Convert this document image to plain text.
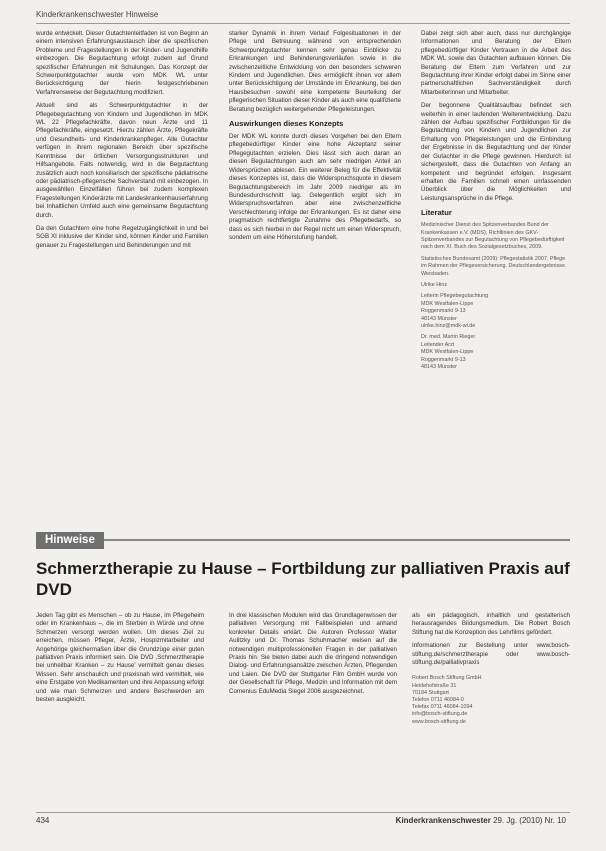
Kinderkrankenschwester Hinweise

wurde entwickelt. Dieser Gutachtenleitfaden ist von Beginn an einem intensiven Erfahrungsaustausch über die spezifischen Probleme und Fragestellungen in der Kinder- und Jugendhilfe einbezogen. Die Begutachtung erfolgt zudem auf Grund spezifischer Erfahrungen mit Schulungen. Das Konzept der Schwerpunktgutachter wurde vom MDK WL unter Berücksichtigung der hierin festgeschriebenen Verfahrensweise der Begutachtung modifiziert.

Aktuell sind als Schwerpunktgutachter in der Pflegebegutachtung von Kindern und Jugendlichen im MDK WL 22 Pflegefachkräfte, davon neun Ärzte und 11 Pflegefachkräfte, eingesetzt. Hierzu zählen Ärzte, Pflegekräfte und Gesundheits- und Kinderkrankenpfleger. Alle Gutachter verfügen in ihrem regionalen Bereich über spezifische Kenntnisse der örtlichen Versorgungsstrukturen und Hilfsangebote. Falls notwendig, wird in die Begutachtung zusätzlich auch noch konsiliarisch der spezifische pädiatrische oder pädiatrisch-pflegerische Sachverstand mit einbezogen. In ausgewählten Einzelfällen führen bei zudem komplexen Fragestellungen Kinderärzte mit Landeskrankenhauserfahrung bei Inhaltlichen Umfeld auch eine gemeinsame Begutachtung durch.

Da den Gutachtern eine hohe Regelzugänglichkeit in und bei SGB XI inklusive der Kinder sind, können Kinder und Familien genauer zu Fragestellungen und Behinderungen und mit

starker Dynamik in ihrem Verlauf Folgesituationen in der Pflege und Betreuung während von entsprechenden Schwerpunktgutachter kennen sehr genau Einblicke zu Erkrankungen und Behinderungsverläufen sowie in die zwischenzeitliche Entwicklung von den besonders schweren Kindern und Jugendlichen. Dies ermöglicht ihnen vor allem unter Berücksichtigung der Umstände im Erkrankung, bei den Hausbesuchen sowohl eine kompetente Beurteilung der pflegerischen Situation dieser Kinder als auch eine qualifizierte Beratung bezüglich weitergehender Pflegeleistungen.

Auswirkungen dieses Konzepts

Der MDK WL konnte durch dieses Vorgehen bei den Eltern pflegebedürftiger Kinder eine hohe Akzeptanz seiner Pflegegutachten erzielen. Dies lässt sich auch daran an diesen Begutachtungen auch am sehr niedrigen Anteil an Widersprüchen ablesen. Ein weiterer Beleg für die Effektivität dieses Konzeptes ist, dass die Widerspruchsquote in diesem Begutachtungsbereich im Jahr 2009 niedriger als im Bundesdurchschnitt lag. Gelegentlich ergibt sich im Widerspruchsverfahren aber eine zwischenzeitliche Verschlechterung infolge der Erkrankungen. Es ist daher eine pragmatisch rechtfertigte Zunahme des Pflegebedarfs, so dass es sich hierbei in der Regel nicht um einen Widerspruch, sondern um eine Höherstufung handelt.

Dabei zeigt sich aber auch, dass nur durchgängige Informationen und Beratung der Eltern pflegebedürftiger Kinder Vertrauen in die Arbeit des MDK WL sowie das Gutachten aufbauen können. Die Beratung der Eltern zum Verfahren und zur Begutachtung ihrer Kinder erfolgt dabei im Sinne einer partnerschaftlichen Sachverständigkeit durch Mitarbeiterinnen und Mitarbeiter.

Der begonnene Qualitätsaufbau befindet sich weiterhin in einer laufenden Weiterentwicklung. Dazu zählen der Aufbau spezifischer Fortbildungen für die Begutachtung von Kindern und Jugendlichen zur Erhaltung von Pflegeleistungen und die Einbindung der Ergebnisse in die Begutachtung und der Kinder der Gutachter in die Pflege gewinnen. Hierdurch ist sichergestellt, dass die Gutachten von Anfang an kompetent und begründet erfolgen. Insgesamt erhalten die Familien schnell einen umfassenden Überblick über die Möglichkeiten und Leistungsansprüche in die Pflege.

Literatur

Medizinischer Dienst des Spitzenverbandes Bund der Krankenkassen e.V. (MDS), Richtlinien des GKV-Spitzenverbandes zur Begutachtung von Pflegebedürftigkeit nach dem XI. Buch des Sozialgesetzbuches, 2009.

Statistisches Bundesamt (2009): Pflegestatistik 2007. Pflege im Rahmen der Pflegeversicherung. Deutschlandergebnisse. Wiesbaden.

Ulrike Hinz

Leiterin Pflegebegutachtung
MDK Westfalen-Lippe
Roggenmarkt 9-13
48143 Münster
ulrike.hinz@mdk-wl.de

Dr. med. Martin Rieger
Leitender Arzt
MDK Westfalen-Lippe
Roggenmarkt 9-13
48143 Münster

Hinweise
Schmerztherapie zu Hause – Fortbildung zur palliativen Praxis auf DVD

Jeden Tag gibt es Menschen – ob zu Hause, im Pflegeheim oder im Krankenhaus –, die im Sterben in Würde und ohne Schmerzen versorgt werden wollen. Um dieses Ziel zu erreichen, müssen Pfleger, Ärzte, Hospizmitarbeiter und Angehörige gleichermaßen über die Grundzüge einer guten palliativen Praxis informiert sein. Die DVD ‚Schmerztherapie bei unheilbar Kranken – zu Hause' vermittelt genau dieses Wissen. Sehr anschaulich und praxisnah wird vermittelt, wie eine Erstgabe von Medikamenten und ihre Anpassung erfolgt und wie man Schmerzen und andere Beschwerden am besten ausgleicht.

In drei klassischen Modulen wird das Grundlagenwissen der palliativen Versorgung mit Fallbeispielen und anhand konkreter Details erklärt. Die Autoren Professor Walter Aulitzky und Dr. Thomas Schuhmacher weisen auf die notwendigen multiprofessionellen Fragen in der palliativen Praxis hin. Sie bieten dabei auch die dringend notwendigen Dialog- und Erfahrungsansätze zwischen Ärzten, Pflegenden und Laien. Die DVD der Stuttgarter Film GmbH wurde von der Gesellschaft für Pflege, Medizin und Information mit dem Comenius EduMedia Siegel 2006 ausgezeichnet.

als ein pädagogisch, inhaltlich und gestalterisch herausragendes Bildungsmedium. Die Robert Bosch Stiftung hat die Konzeption des Lehrfilms gefördert.

Informationen zur Bestellung unter www.bosch-stiftung.de/schmerztherapie oder www.bosch-stiftung.de/palliativpraxis

Robert Bosch Stiftung GmbH
Heidehofstraße 31
70184 Stuttgart
Telefon 0711 46084-0
Telefax 0711 46084-1094
info@bosch-stiftung.de
www.bosch-stiftung.de
434	Kinderkrankenschwester 29. Jg. (2010) Nr. 10
